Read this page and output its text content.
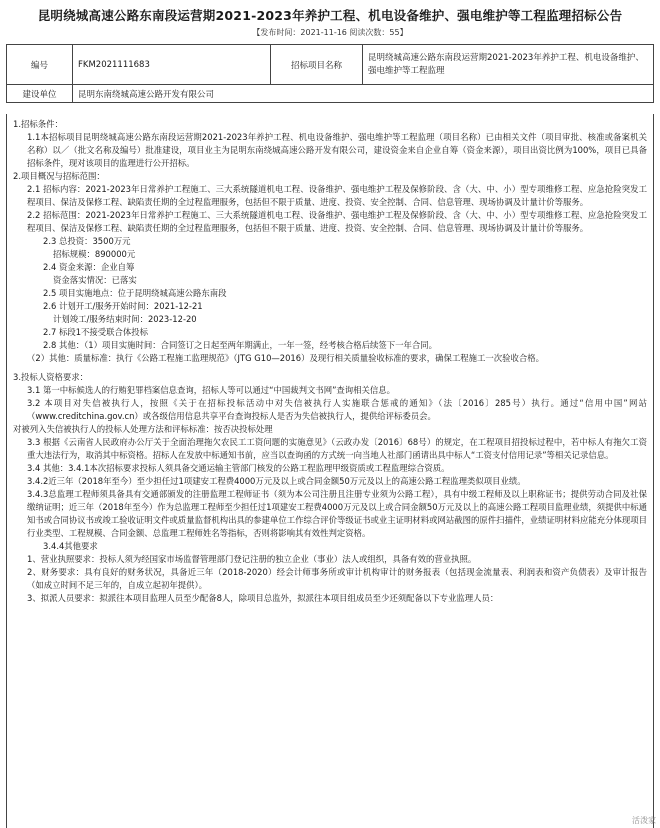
昆明绕城高速公路东南段运营期2021-2023年养护工程、机电设备维护、强电维护等工程监理招标公告
【发布时间：2021-11-16 阅读次数：55】
编号	FKM2021111683	招标项目名称	昆明绕城高速公路东南段运营期2021-2023年养护工程、机电设备维护、强电维护等工程监理
建设单位	昆明东南绕城高速公路开发有限公司		

1.招标条件：

1.1本招标项目昆明绕城高速公路东南段运营期2021-2023年养护工程、机电设备维护、强电维护等工程监理（项目名称）已由相关文件（项目审批、核准或备案机关名称）以／（批文名称及编号）批准建设，项目业主为昆明东南绕城高速公路开发有限公司，建设资金来自企业自筹（资金来源），项目出资比例为100%，项目已具备招标条件，现对该项目的监理进行公开招标。

2.项目概况与招标范围：

2.1 招标内容：2021-2023年日常养护工程施工、三大系统隧道机电工程、设备维护、强电维护工程及保修阶段、含（大、中、小）型专项维修工程、应急抢险突发工程项目、保洁及保修工程、缺陷责任期的全过程监理服务，包括但不限于质量、进度、投资、安全控制、合同、信息管理、现场协调及计量计价等服务。

2.2 招标范围：2021-2023年日常养护工程施工、三大系统隧道机电工程、设备维护、强电维护工程及保修阶段、含（大、中、小）型专项维修工程、应急抢险突发工程项目、保洁及保修工程、缺陷责任期的全过程监理服务，包括但不限于质量、进度、投资、安全控制、合同、信息管理、现场协调及计量计价等服务。

2.3 总投资：3500万元

招标规模：890000元

2.4 资金来源：企业自筹

资金落实情况：已落实

2.5 项目实施地点：位于昆明绕城高速公路东南段

2.6 计划开工/服务开始时间：2021-12-21

计划竣工/服务结束时间：2023-12-20

2.7 标段1不接受联合体投标

2.8 其他：（1）项目实施时间：合同签订之日起至两年期满止，一年一签，经考核合格后续签下一年合同。

（2）其他：质量标准：执行《公路工程施工监理规范》（JTG G10—2016）及现行相关质量验收标准的要求，确保工程施工一次验收合格。

3.投标人资格要求：

3.1 第一中标候选人的行贿犯罪档案信息查询，招标人等可以通过“中国裁判文书网”查询相关信息。

3.2 本项目对失信被执行人，按照《关于在招标投标活动中对失信被执行人实施联合惩戒的通知》（法〔2016〕285号）执行。通过“信用中国”网站（www.creditchina.gov.cn）或各级信用信息共享平台查询投标人是否为失信被执行人，提供给评标委员会。

对被列入失信被执行人的投标人处理方法和评标标准：按否决投标处理

3.3 根据《云南省人民政府办公厅关于全面治理拖欠农民工工资问题的实施意见》（云政办发〔2016〕68号）的规定，在工程项目招投标过程中，若中标人有拖欠工资重大违法行为，取消其中标资格。招标人在发放中标通知书前，应当以查询函的方式统一向当地人社部门函请出具中标人“工资支付信用记录”等相关记录信息。

3.4 其他：3.4.1本次招标要求投标人须具备交通运输主管部门核发的公路工程监理甲级资质或工程监理综合资质。

3.4.2近三年（2018年至今）至少担任过1项建安工程费4000万元及以上或合同金额50万元及以上的高速公路工程监理类似项目业绩。

3.4.3总监理工程师须具备具有交通部颁发的注册监理工程师证书（须为本公司注册且注册专业须为公路工程），具有中级工程师及以上职称证书；提供劳动合同及社保缴纳证明；近三年（2018年至今）作为总监理工程师至少担任过1项建安工程费4000万元及以上或合同金额50万元及以上的高速公路工程项目监理业绩，须提供中标通知书或合同协议书或竣工验收证明文件或质量监督机构出具的参建单位工作综合评价等级证书或业主证明材料或网站截图的原件扫描件，业绩证明材料应能充分体现项目行业类型、工程规模、合同金额、总监理工程师姓名等指标，否则将影响其有效性判定资格。

3.4.4其他要求

1、营业执照要求：投标人须为经国家市场监督管理部门登记注册的独立企业（事业）法人或组织，具备有效的营业执照。

2、财务要求：具有良好的财务状况，具备近三年（2018-2020）经会计师事务所或审计机构审计的财务报表（包括现金流量表、利润表和资产负债表）及审计报告（如成立时间不足三年的，自成立起初年提供）。

3、拟派人员要求：拟派往本项目监理人员至少配备8人，除项目总监外，拟派往本项目组成员至少还须配备以下专业监理人员：

活泼家
